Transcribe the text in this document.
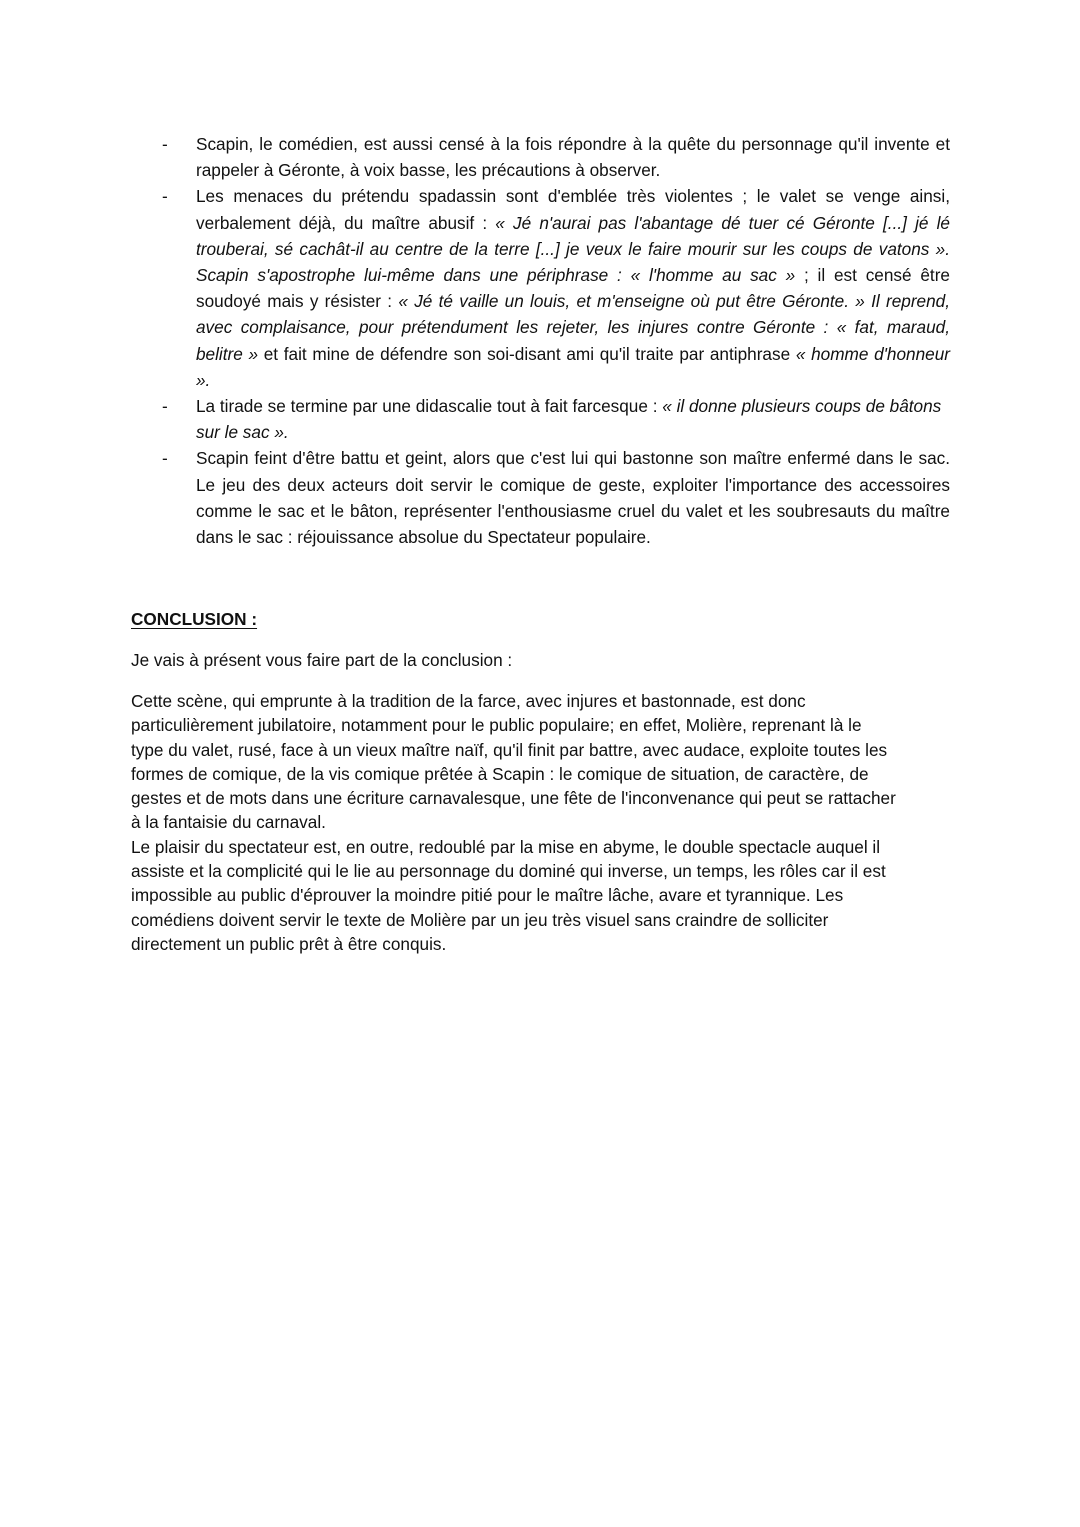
-	Scapin, le comédien, est aussi censé à la fois répondre à la quête du personnage qu'il invente et rappeler à Géronte, à voix basse, les précautions à observer.
-	Les menaces du prétendu spadassin sont d'emblée très violentes ; le valet se venge ainsi, verbalement déjà, du maître abusif : « Jé n'aurai pas l'abantage dé tuer cé Géronte [...] jé lé trouberai, sé cachât-il au centre de la terre [...] je veux le faire mourir sur les coups de vatons ». Scapin s'apostrophe lui-même dans une périphrase : « l'homme au sac » ; il est censé être soudoyé mais y résister : « Jé té vaille un louis, et m'enseigne où put être Géronte. » Il reprend, avec complaisance, pour prétendument les rejeter, les injures contre Géronte : « fat, maraud, belitre » et fait mine de défendre son soi-disant ami qu'il traite par antiphrase « homme d'honneur ».
-	La tirade se termine par une didascalie tout à fait farcesque : « il donne plusieurs coups de bâtons sur le sac ».
-	Scapin feint d'être battu et geint, alors que c'est lui qui bastonne son maître enfermé dans le sac. Le jeu des deux acteurs doit servir le comique de geste, exploiter l'importance des accessoires comme le sac et le bâton, représenter l'enthousiasme cruel du valet et les soubresauts du maître dans le sac : réjouissance absolue du Spectateur populaire.
CONCLUSION :

Je vais à présent vous faire part de la conclusion :

Cette scène, qui emprunte à la tradition de la farce, avec injures et bastonnade, est donc
particulièrement jubilatoire, notamment pour le public populaire; en effet, Molière, reprenant là le
type du valet, rusé, face à un vieux maître naïf, qu'il finit par battre, avec audace, exploite toutes les
formes de comique, de la vis comique prêtée à Scapin : le comique de situation, de caractère, de
gestes et de mots dans une écriture carnavalesque, une fête de l'inconvenance qui peut se rattacher
à la fantaisie du carnaval.
Le plaisir du spectateur est, en outre, redoublé par la mise en abyme, le double spectacle auquel il
assiste et la complicité qui le lie au personnage du dominé qui inverse, un temps, les rôles car il est
impossible au public d'éprouver la moindre pitié pour le maître lâche, avare et tyrannique. Les
comédiens doivent servir le texte de Molière par un jeu très visuel sans craindre de solliciter
directement un public prêt à être conquis.
